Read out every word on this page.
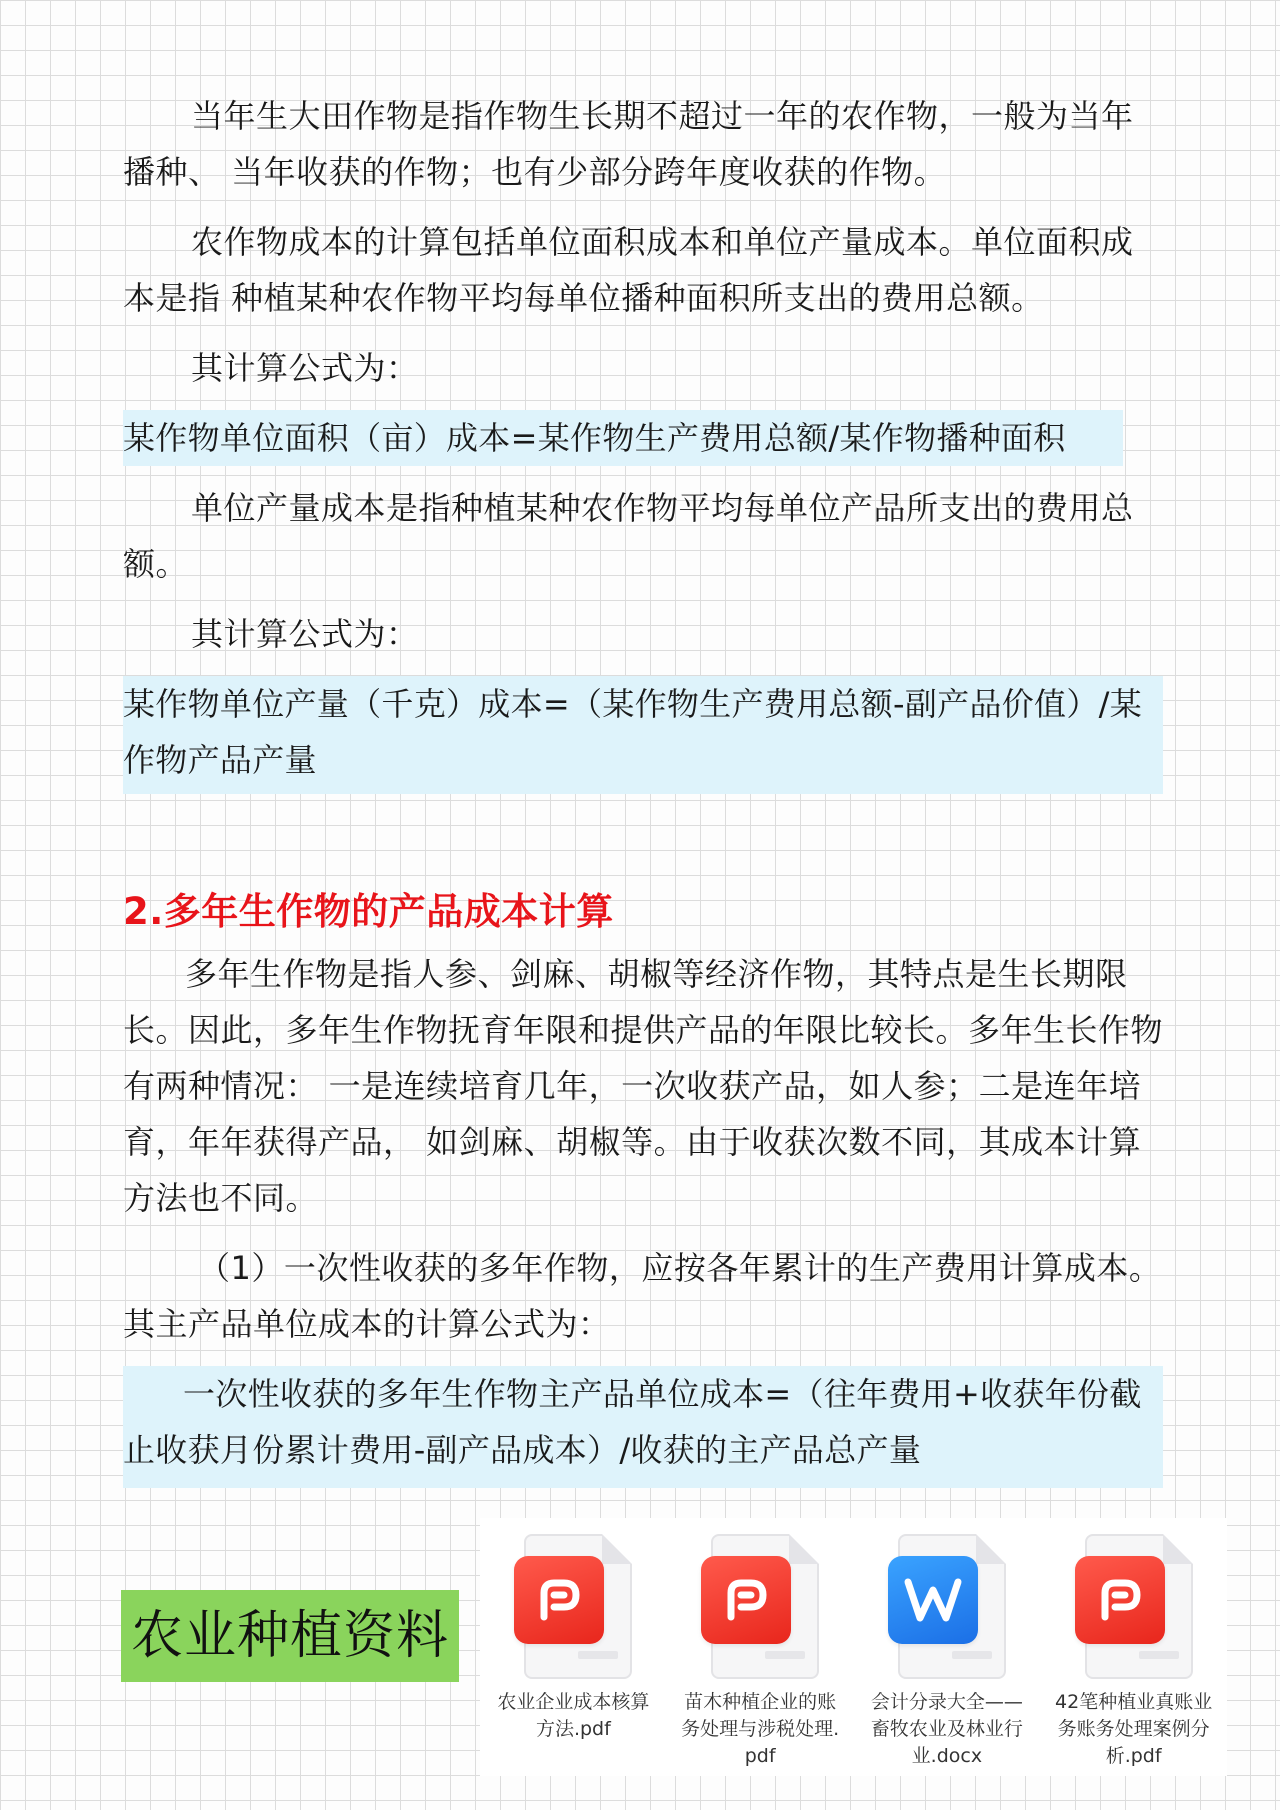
当年生大田作物是指作物生长期不超过一年的农作物，一般为当年播种、 当年收获的作物；也有少部分跨年度收获的作物。

农作物成本的计算包括单位面积成本和单位产量成本。单位面积成本是指 种植某种农作物平均每单位播种面积所支出的费用总额。

其计算公式为：

某作物单位面积（亩）成本=某作物生产费用总额/某作物播种面积

单位产量成本是指种植某种农作物平均每单位产品所支出的费用总额。

其计算公式为：

某作物单位产量（千克）成本=（某作物生产费用总额-副产品价值）/某作物产品产量

2.多年生作物的产品成本计算

多年生作物是指人参、剑麻、胡椒等经济作物，其特点是生长期限长。因此，多年生作物抚育年限和提供产品的年限比较长。多年生长作物有两种情况： 一是连续培育几年，一次收获产品，如人参；二是连年培育，年年获得产品， 如剑麻、胡椒等。由于收获次数不同，其成本计算方法也不同。

（1）一次性收获的多年作物，应按各年累计的生产费用计算成本。其主产品单位成本的计算公式为：

一次性收获的多年生作物主产品单位成本=（往年费用+收获年份截止收获月份累计费用-副产品成本）/收获的主产品总产量

农业种植资料
农业企业成本核算方法.pdf
苗木种植企业的账务处理与涉税处理.pdf
会计分录大全——畜牧农业及林业行业.docx
42笔种植业真账业务账务处理案例分析.pdf
